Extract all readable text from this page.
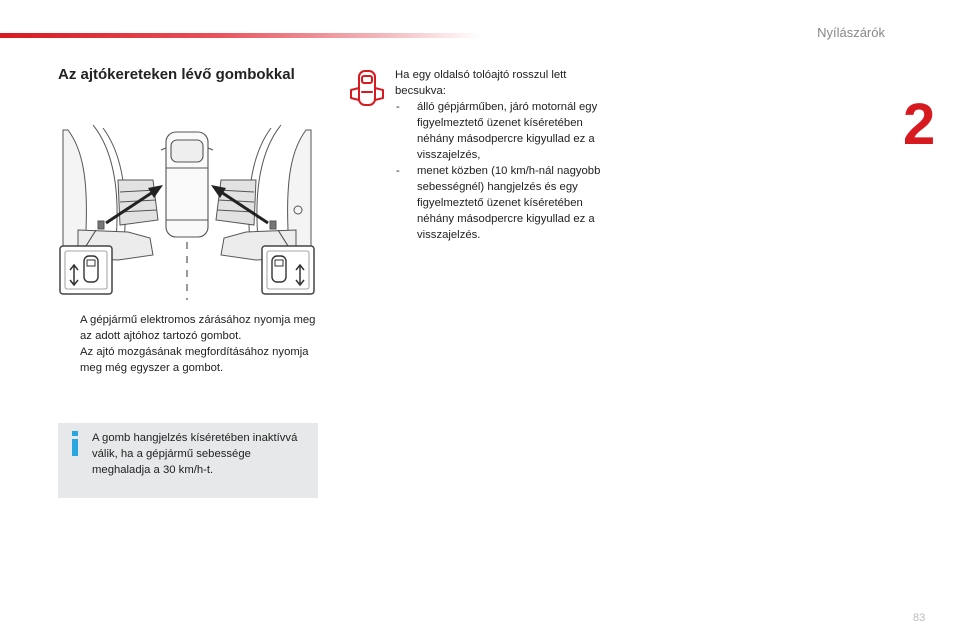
Nyílászárók
2
Az ajtókereteken lévő gombokkal
A gépjármű elektromos zárásához nyomja meg az adott ajtóhoz tartozó gombot.
Az ajtó mozgásának megfordításához nyomja meg még egyszer a gombot.
A gomb hangjelzés kíséretében inaktívvá válik, ha a gépjármű sebessége meghaladja a 30 km/h-t.

Ha egy oldalsó tolóajtó rosszul lett becsukva:

- álló gépjárműben, járó motornál egy figyelmeztető üzenet kíséretében néhány másodpercre kigyullad ez a visszajelzés,
- menet közben (10 km/h-nál nagyobb sebességnél) hangjelzés és egy figyelmeztető üzenet kíséretében néhány másodpercre kigyullad ez a visszajelzés.
83
